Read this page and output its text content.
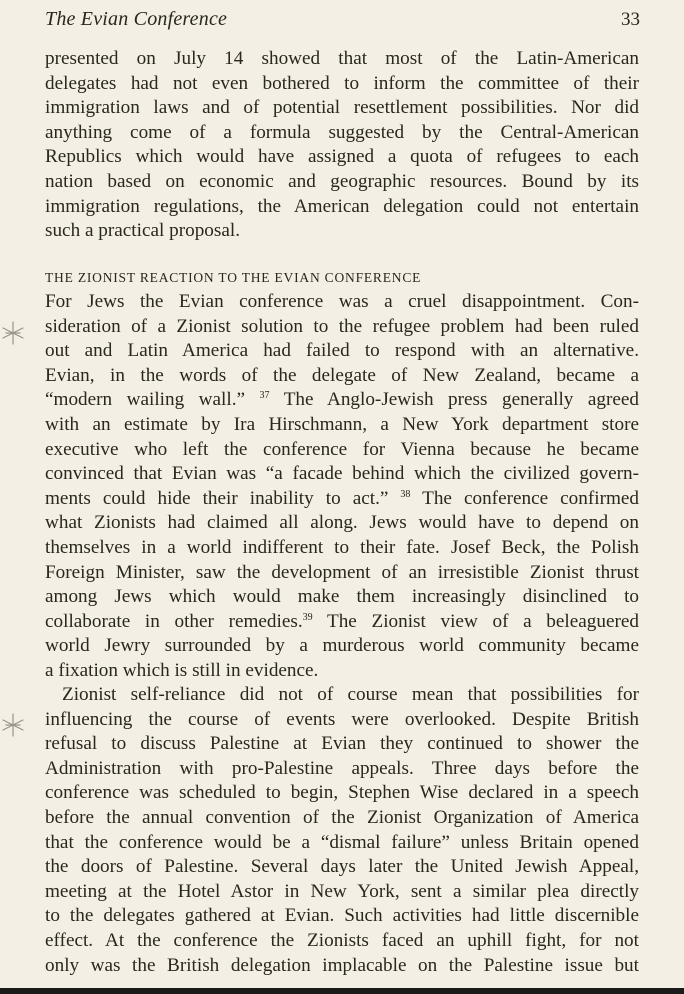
The Evian Conference	33
presented on July 14 showed that most of the Latin-American
delegates had not even bothered to inform the committee of their
immigration laws and of potential resettlement possibilities. Nor did
anything come of a formula suggested by the Central-American
Republics which would have assigned a quota of refugees to each
nation based on economic and geographic resources. Bound by its
immigration regulations, the American delegation could not entertain
such a practical proposal.
THE ZIONIST REACTION TO THE EVIAN CONFERENCE
For Jews the Evian conference was a cruel disappointment. Con-
sideration of a Zionist solution to the refugee problem had been ruled
out and Latin America had failed to respond with an alternative.
Evian, in the words of the delegate of New Zealand, became a
“modern wailing wall.” $^{37}$ The Anglo-Jewish press generally agreed
with an estimate by Ira Hirschmann, a New York department store
executive who left the conference for Vienna because he became
convinced that Evian was “a facade behind which the civilized govern-
ments could hide their inability to act.” $^{38}$ The conference confirmed
what Zionists had claimed all along. Jews would have to depend on
themselves in a world indifferent to their fate. Josef Beck, the Polish
Foreign Minister, saw the development of an irresistible Zionist thrust
among Jews which would make them increasingly disinclined to
collaborate in other remedies.$^{39}$ The Zionist view of a beleaguered
world Jewry surrounded by a murderous world community became
a fixation which is still in evidence.
Zionist self-reliance did not of course mean that possibilities for
influencing the course of events were overlooked. Despite British
refusal to discuss Palestine at Evian they continued to shower the
Administration with pro-Palestine appeals. Three days before the
conference was scheduled to begin, Stephen Wise declared in a speech
before the annual convention of the Zionist Organization of America
that the conference would be a “dismal failure” unless Britain opened
the doors of Palestine. Several days later the United Jewish Appeal,
meeting at the Hotel Astor in New York, sent a similar plea directly
to the delegates gathered at Evian. Such activities had little discernible
effect. At the conference the Zionists faced an uphill fight, for not
only was the British delegation implacable on the Palestine issue but
